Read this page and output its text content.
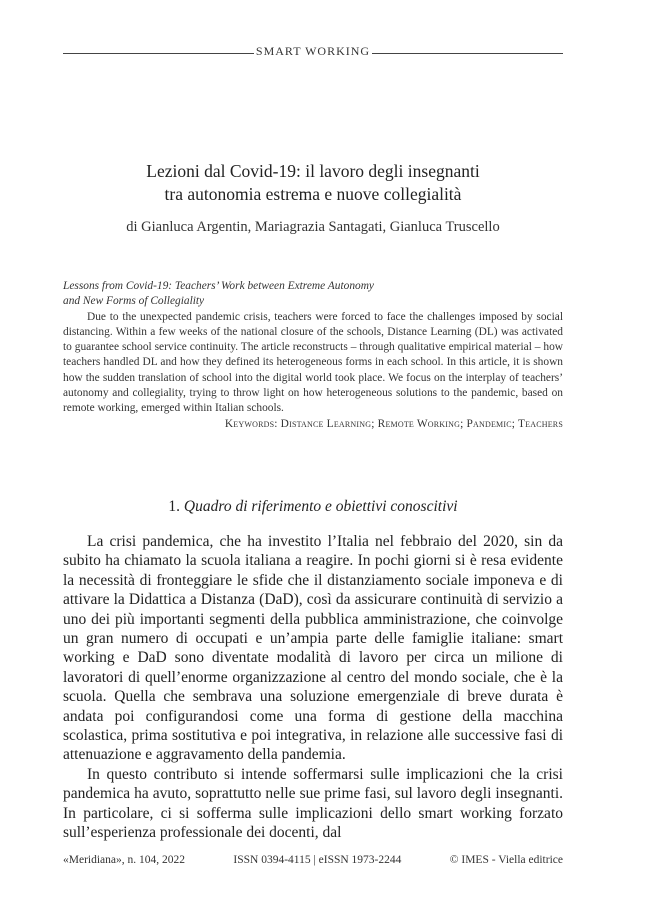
SMART WORKING
Lezioni dal Covid-19: il lavoro degli insegnanti
tra autonomia estrema e nuove collegialità
di Gianluca Argentin, Mariagrazia Santagati, Gianluca Truscello
Lessons from Covid-19: Teachers’ Work between Extreme Autonomy
and New Forms of Collegiality

Due to the unexpected pandemic crisis, teachers were forced to face the challenges imposed by social distancing. Within a few weeks of the national closure of the schools, Distance Learning (DL) was activated to guarantee school service continuity. The article reconstructs – through qualitative empirical material – how teachers handled DL and how they defined its heterogeneous forms in each school. In this article, it is shown how the sudden translation of school into the digital world took place. We focus on the interplay of teachers’ autonomy and collegiality, trying to throw light on how heterogeneous solutions to the pandemic, based on remote working, emerged within Italian schools.

Keywords: Distance Learning; Remote Working; Pandemic; Teachers
1. Quadro di riferimento e obiettivi conoscitivi

La crisi pandemica, che ha investito l’Italia nel febbraio del 2020, sin da subito ha chiamato la scuola italiana a reagire. In pochi giorni si è resa evidente la necessità di fronteggiare le sfide che il distanziamento sociale imponeva e di attivare la Didattica a Distanza (DaD), così da assicurare continuità di servizio a uno dei più importanti segmenti della pubblica amministrazione, che coinvolge un gran numero di occupati e un’ampia parte delle famiglie italiane: smart working e DaD sono diventate modalità di lavoro per circa un milione di lavoratori di quell’enorme organizzazione al centro del mondo sociale, che è la scuola. Quella che sembrava una soluzione emergenziale di breve durata è andata poi configurandosi come una forma di gestione della macchina scolastica, prima sostitutiva e poi integrativa, in relazione alle successive fasi di attenuazione e aggravamento della pandemia.

In questo contributo si intende soffermarsi sulle implicazioni che la crisi pandemica ha avuto, soprattutto nelle sue prime fasi, sul lavoro degli insegnanti. In particolare, ci si sofferma sulle implicazioni dello smart working forzato sull’esperienza professionale dei docenti, dal

«Meridiana», n. 104, 2022	ISSN 0394-4115 | eISSN 1973-2244	© IMES - Viella editrice
